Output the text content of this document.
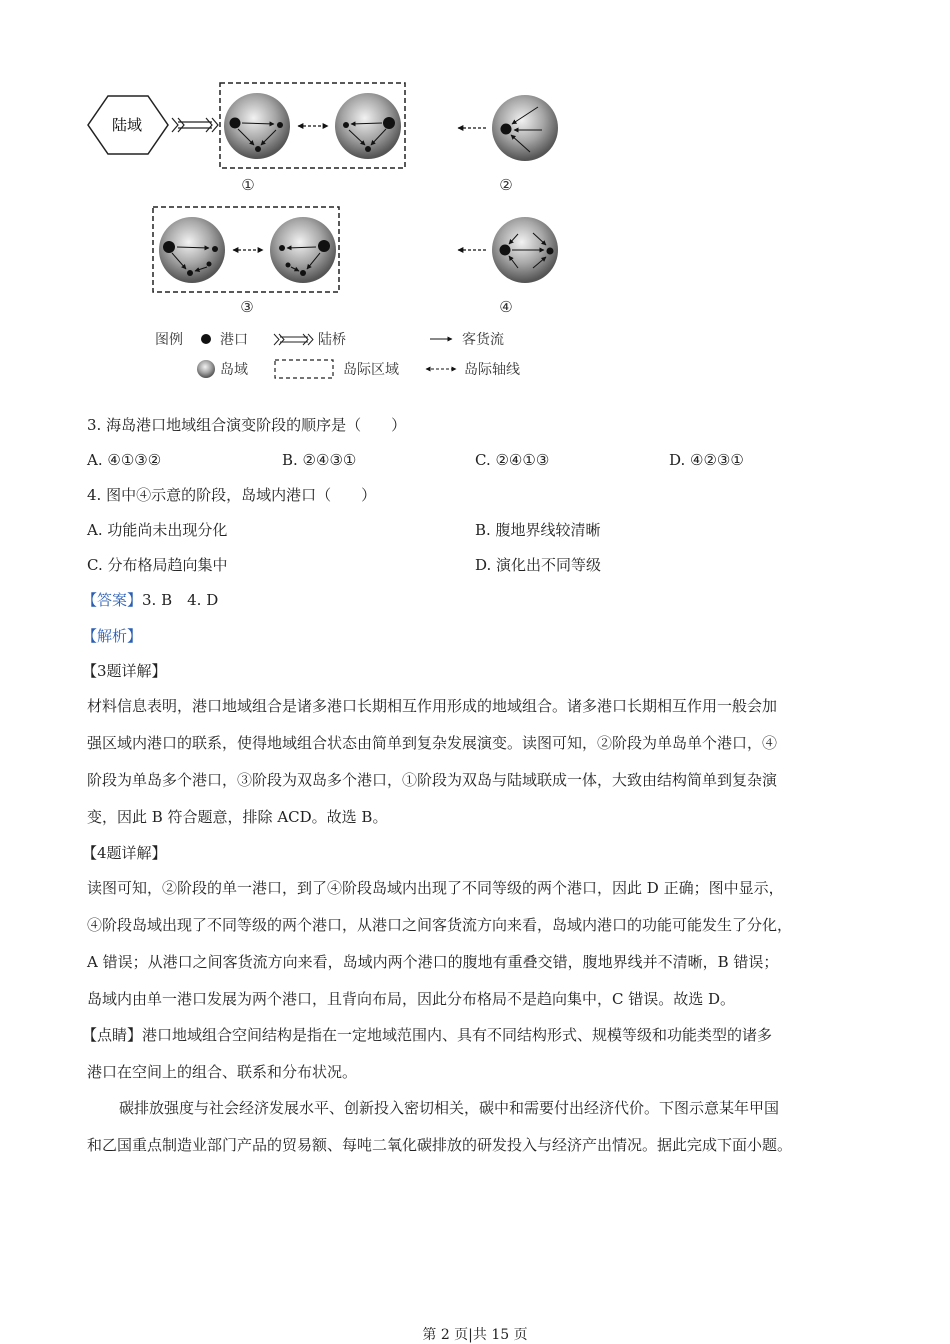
陆域
①	②
③	④
图例	港口	陆桥	客货流
岛域	岛际区域	岛际轴线
3. 海岛港口地域组合演变阶段的顺序是（　　）
A. ④①③②	B. ②④③①	C. ②④①③	D. ④②③①
4. 图中④示意的阶段，岛域内港口（　　）
A. 功能尚未出现分化	B. 腹地界线较清晰
C. 分布格局趋向集中	D. 演化出不同等级
【答案】3. B　4. D
【解析】
【3题详解】
材料信息表明，港口地域组合是诸多港口长期相互作用形成的地域组合。诸多港口长期相互作用一般会加
强区域内港口的联系，使得地域组合状态由简单到复杂发展演变。读图可知，②阶段为单岛单个港口，④
阶段为单岛多个港口，③阶段为双岛多个港口，①阶段为双岛与陆域联成一体，大致由结构简单到复杂演
变，因此 B 符合题意，排除 ACD。故选 B。
【4题详解】
读图可知，②阶段的单一港口，到了④阶段岛域内出现了不同等级的两个港口，因此 D 正确；图中显示，
④阶段岛域出现了不同等级的两个港口，从港口之间客货流方向来看，岛域内港口的功能可能发生了分化，
A 错误；从港口之间客货流方向来看，岛域内两个港口的腹地有重叠交错，腹地界线并不清晰，B 错误；
岛域内由单一港口发展为两个港口，且背向布局，因此分布格局不是趋向集中，C 错误。故选 D。
【点睛】港口地域组合空间结构是指在一定地域范围内、具有不同结构形式、规模等级和功能类型的诸多
港口在空间上的组合、联系和分布状况。
碳排放强度与社会经济发展水平、创新投入密切相关，碳中和需要付出经济代价。下图示意某年甲国
和乙国重点制造业部门产品的贸易额、每吨二氧化碳排放的研发投入与经济产出情况。据此完成下面小题。
第 2 页|共 15 页
